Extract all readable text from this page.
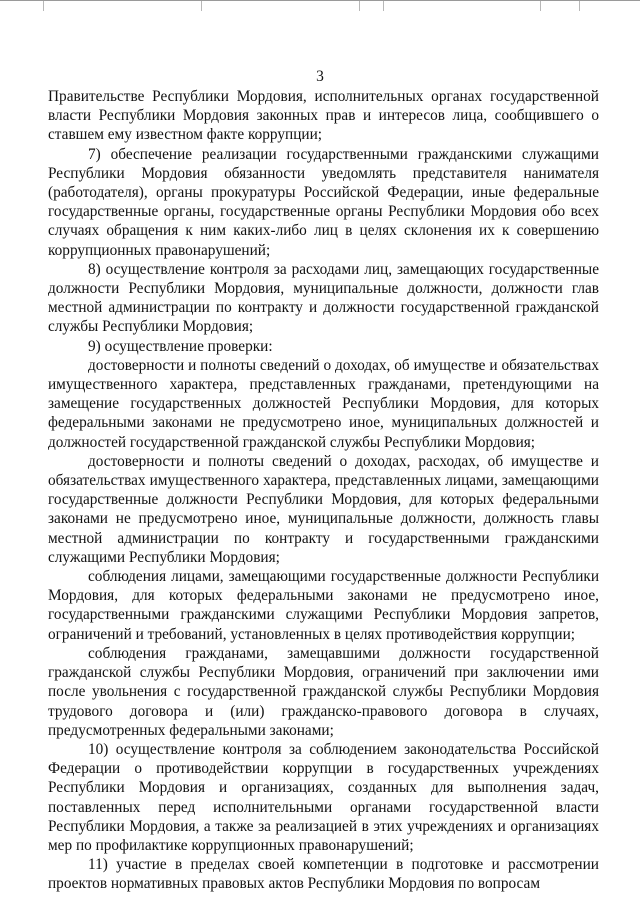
3

Правительстве Республики Мордовия, исполнительных органах государственной власти Республики Мордовия законных прав и интересов лица, сообщившего о ставшем ему известном факте коррупции;

7) обеспечение реализации государственными гражданскими служащими Республики Мордовия обязанности уведомлять представителя нанимателя (работодателя), органы прокуратуры Российской Федерации, иные федеральные государственные органы, государственные органы Республики Мордовия обо всех случаях обращения к ним каких-либо лиц в целях склонения их к совершению коррупционных правонарушений;

8) осуществление контроля за расходами лиц, замещающих государственные должности Республики Мордовия, муниципальные должности, должности глав местной администрации по контракту и должности государственной гражданской службы Республики Мордовия;

9) осуществление проверки:

достоверности и полноты сведений о доходах, об имуществе и обязательствах имущественного характера, представленных гражданами, претендующими на замещение государственных должностей Республики Мордовия, для которых федеральными законами не предусмотрено иное, муниципальных должностей и должностей государственной гражданской службы Республики Мордовия;

достоверности и полноты сведений о доходах, расходах, об имуществе и обязательствах имущественного характера, представленных лицами, замещающими государственные должности Республики Мордовия, для которых федеральными законами не предусмотрено иное, муниципальные должности, должность главы местной администрации по контракту и государственными гражданскими служащими Республики Мордовия;

соблюдения лицами, замещающими государственные должности Республики Мордовия, для которых федеральными законами не предусмотрено иное, государственными гражданскими служащими Республики Мордовия запретов, ограничений и требований, установленных в целях противодействия коррупции;

соблюдения гражданами, замещавшими должности государственной гражданской службы Республики Мордовия, ограничений при заключении ими после увольнения с государственной гражданской службы Республики Мордовия трудового договора и (или) гражданско-правового договора в случаях, предусмотренных федеральными законами;

10) осуществление контроля за соблюдением законодательства Российской Федерации о противодействии коррупции в государственных учреждениях Республики Мордовия и организациях, созданных для выполнения задач, поставленных перед исполнительными органами государственной власти Республики Мордовия, а также за реализацией в этих учреждениях и организациях мер по профилактике коррупционных правонарушений;

11) участие в пределах своей компетенции в подготовке и рассмотрении проектов нормативных правовых актов Республики Мордовия по вопросам
